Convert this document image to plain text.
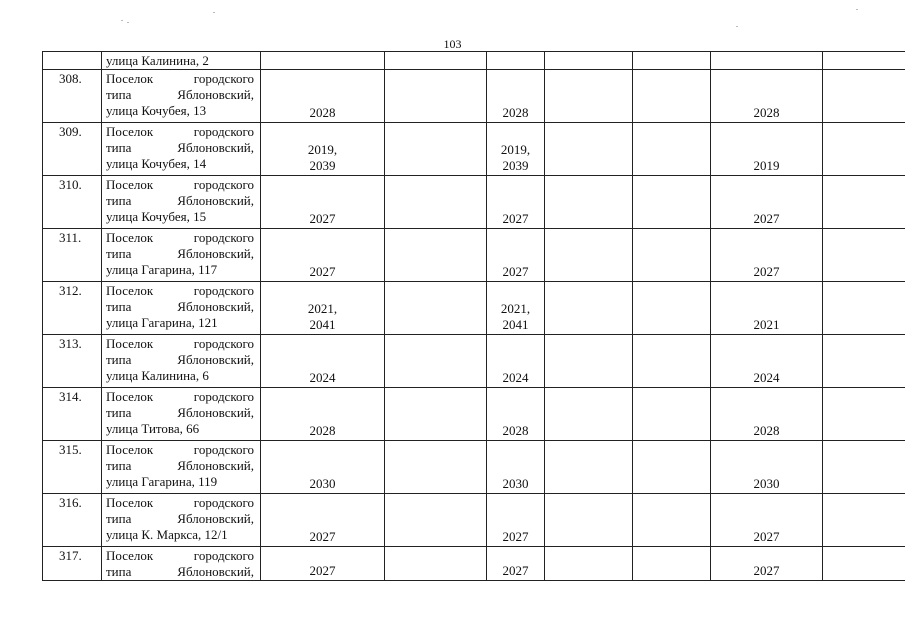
103

	улица Калинина, 2							

308.	Поселок городского
типа Яблоновский,
улица Кочубея, 13	2028		2028			2028	

309.	Поселок городского
типа Яблоновский,
улица Кочубея, 14	2019,
2039		2019,
2039			2019	

310.	Поселок городского
типа Яблоновский,
улица Кочубея, 15	2027		2027			2027	

311.	Поселок городского
типа Яблоновский,
улица Гагарина, 117	2027		2027			2027	

312.	Поселок городского
типа Яблоновский,
улица Гагарина, 121	2021,
2041		2021,
2041			2021	

313.	Поселок городского
типа Яблоновский,
улица Калинина, 6	2024		2024			2024	

314.	Поселок городского
типа Яблоновский,
улица Титова, 66	2028		2028			2028	

315.	Поселок городского
типа Яблоновский,
улица Гагарина, 119	2030		2030			2030	

316.	Поселок городского
типа Яблоновский,
улица К. Маркса, 12/1	2027		2027			2027	

317.	Поселок городского
типа Яблоновский,	2027		2027			2027	
